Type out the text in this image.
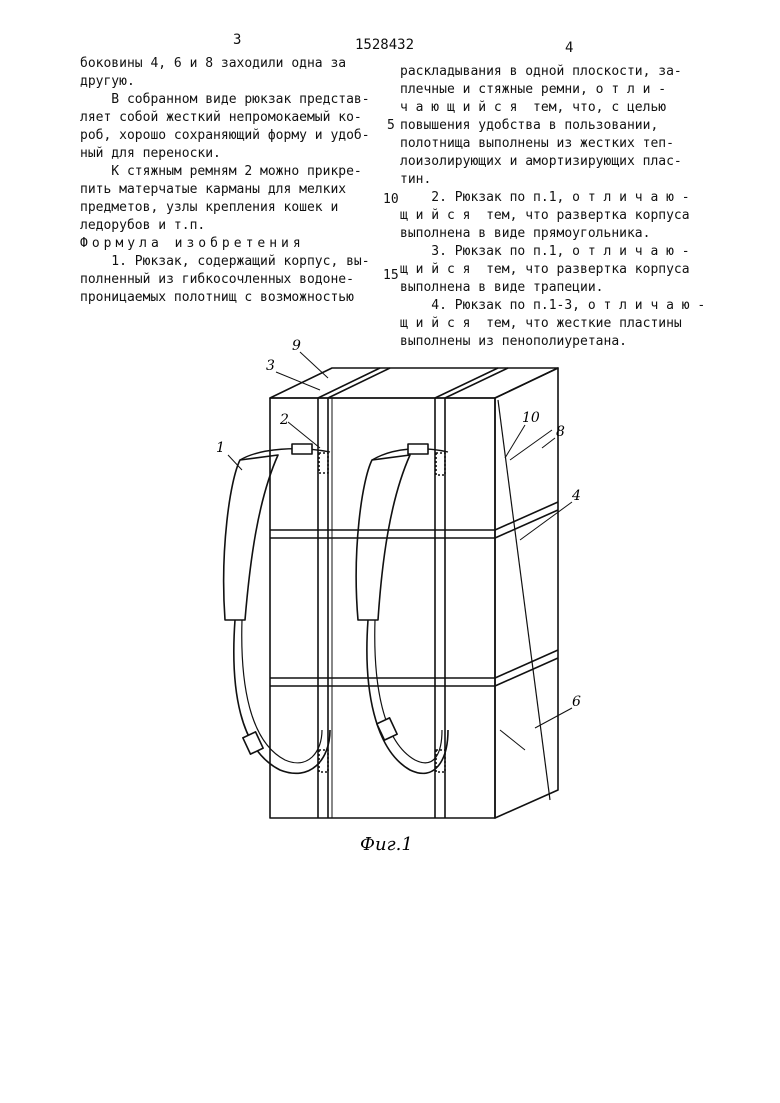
3	1528432	4

боковины 4, 6 и 8 заходили одна за

другую.

В собранном виде рюкзак представ-

ляет собой жесткий непромокаемый ко-

роб, хорошо сохраняющий форму и удоб-

ный для переноски.

К стяжным ремням 2 можно прикре-

пить матерчатые карманы для мелких

предметов, узлы крепления кошек и

ледорубов и т.п.

Формула изобретения

1. Рюкзак, содержащий корпус, вы-

полненный из гибкосочленных водоне-

проницаемых полотнищ с возможностью

5
10
15

раскладывания в одной плоскости, за-

плечные и стяжные ремни, о т л и -

ч а ю щ и й с я  тем, что, с целью

повышения удобства в пользовании,

полотнища выполнены из жестких теп-

лоизолирующих и амортизирующих плас-

тин.

2. Рюкзак по п.1, о т л и ч а ю -

щ и й с я  тем, что развертка корпуса

выполнена в виде прямоугольника.

3. Рюкзак по п.1, о т л и ч а ю -

щ и й с я  тем, что развертка корпуса

выполнена в виде трапеции.

4. Рюкзак по п.1-3, о т л и ч а ю -

щ и й с я  тем, что жесткие пластины

выполнены из пенополиуретана.

1
2
3
9
10
8
4
6
Фиг.1
